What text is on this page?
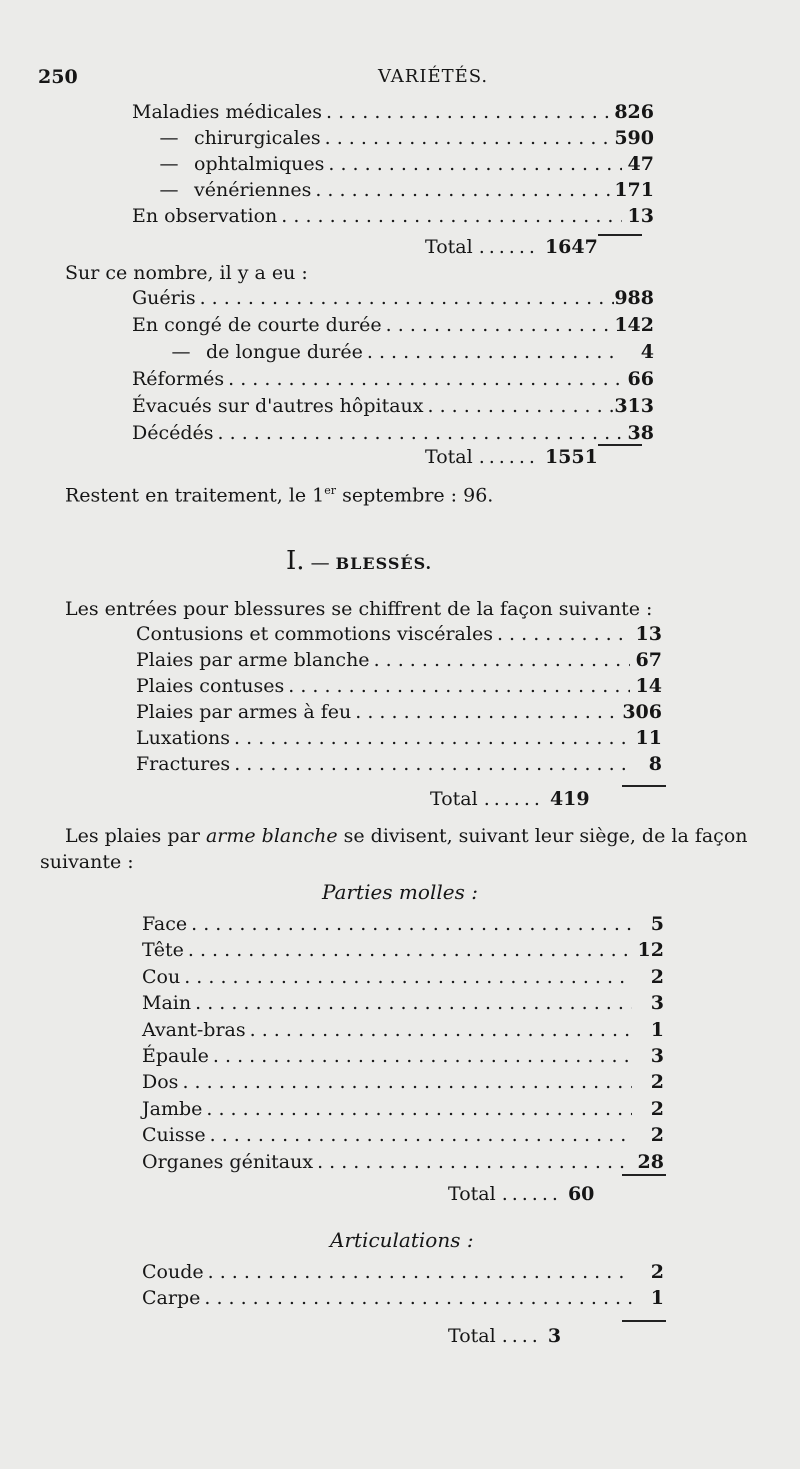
250	VARIÉTÉS.
Maladies médicales . . .	826
— chirurgicales . . .	590
— ophtalmiques . . .	47
— vénériennes . . .	171
En observation . . .	13
Total ...... 1647
Sur ce nombre, il y a eu :
Guéris . . .	988
En congé de courte durée . . .	142
— de longue durée . . .	4
Réformés . . .	66
Évacués sur d'autres hôpitaux . . .	313
Décédés . . .	38
Total ...... 1551
Restent en traitement, le 1er septembre : 96.
I. — BLESSÉS.
Les entrées pour blessures se chiffrent de la façon suivante :
Contusions et commotions viscérales . . .	13
Plaies par arme blanche . . .	67
Plaies contuses . . .	14
Plaies par armes à feu . . .	306
Luxations . . .	11
Fractures . . .	8
Total ...... 419
Les plaies par arme blanche se divisent, suivant leur siège, de la façon
suivante :
Parties molles :
Face . . .	5
Tête . . .	12
Cou . . .	2
Main . . .	3
Avant-bras . . .	1
Épaule . . .	3
Dos . . .	2
Jambe . . .	2
Cuisse . . .	2
Organes génitaux . . .	28
Total ...... 60
Articulations :
Coude . . .	2
Carpe . . .	1
Total .... 3
